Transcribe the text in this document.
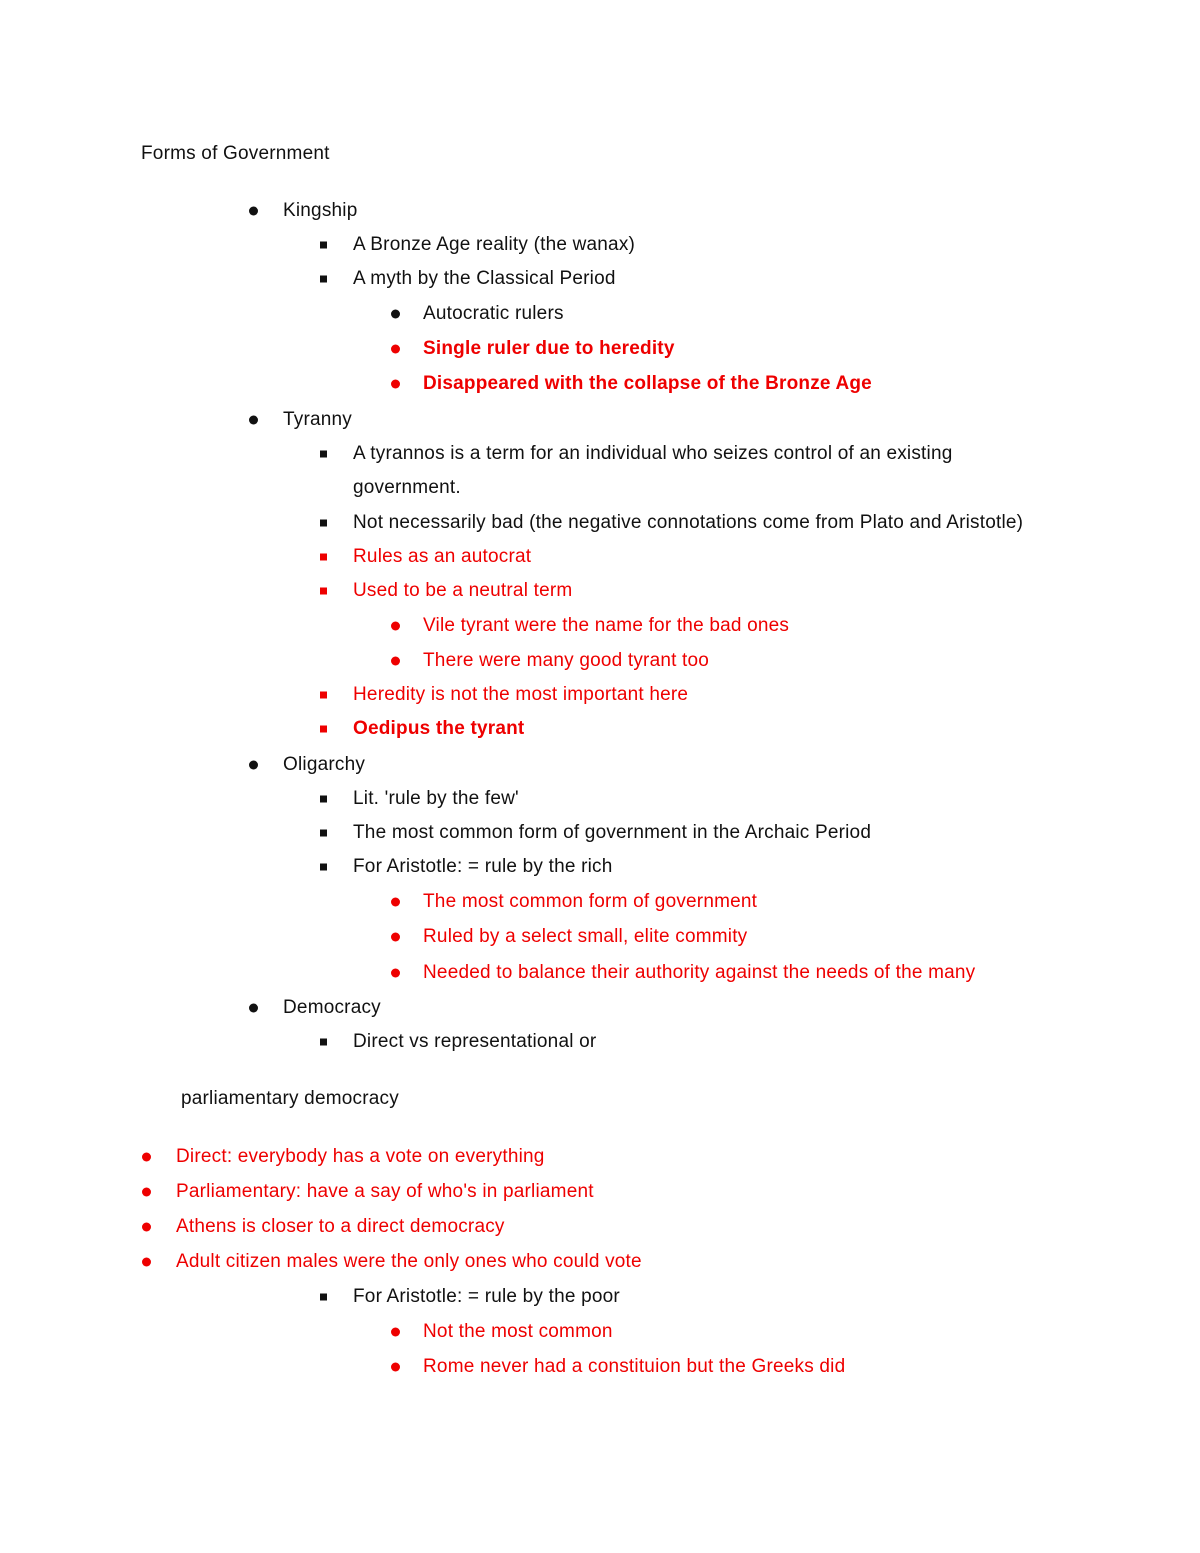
Forms of Government
Kingship
A Bronze Age reality (the wanax)
A myth by the Classical Period
Autocratic rulers
Single ruler due to heredity
Disappeared with the collapse of the Bronze Age
Tyranny
A tyrannos is a term for an individual who seizes control of an existing
government.
Not necessarily bad (the negative connotations come from Plato and Aristotle)
Rules as an autocrat
Used to be a neutral term
Vile tyrant were the name for the bad ones
There were many good tyrant too
Heredity is not the most important here
Oedipus the tyrant
Oligarchy
Lit. 'rule by the few'
The most common form of government in the Archaic Period
For Aristotle: = rule by the rich
The most common form of government
Ruled by a select small, elite commity
Needed to balance their authority against the needs of the many
Democracy
Direct vs representational or
parliamentary democracy
Direct: everybody has a vote on everything
Parliamentary: have a say of who's in parliament
Athens is closer to a direct democracy
Adult citizen males were the only ones who could vote
For Aristotle: = rule by the poor
Not the most common
Rome never had a constituion but the Greeks did
